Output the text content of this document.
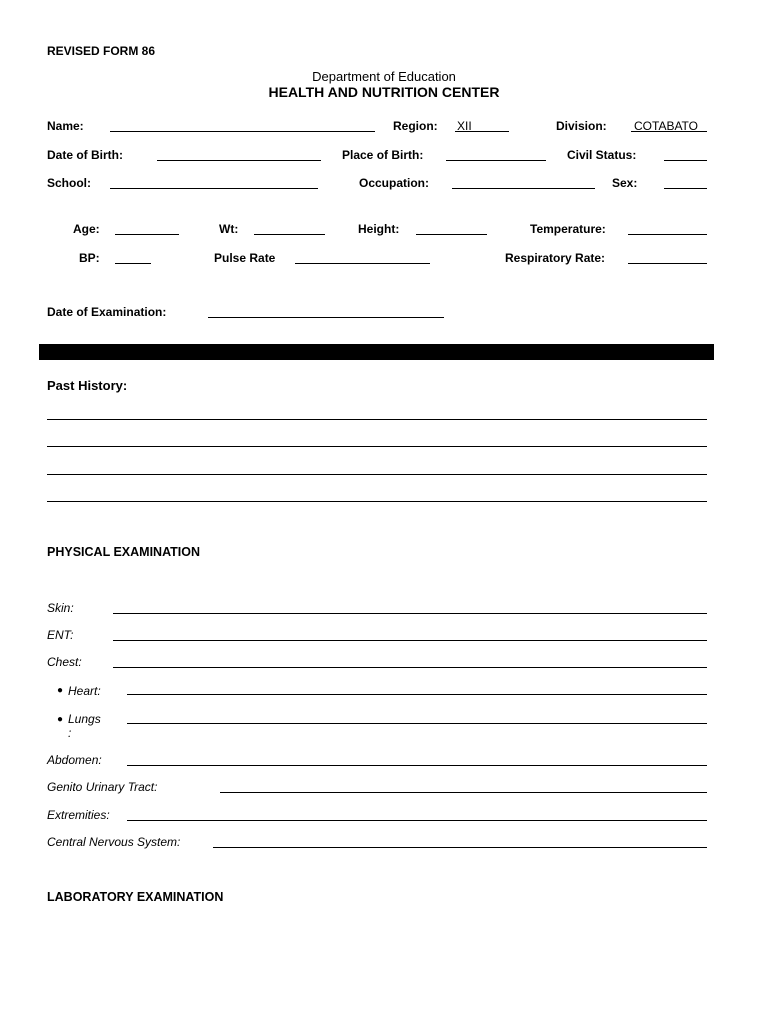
REVISED FORM 86
Department of Education
HEALTH AND NUTRITION CENTER
Name:	Region: XII	Division: COTABATO
Date of Birth:	Place of Birth:	Civil Status:
School:	Occupation:	Sex:
Age:	Wt:	Height:	Temperature:
BP:	Pulse Rate	Respiratory Rate:
Date of Examination:
Past History:
PHYSICAL EXAMINATION
Skin:
ENT:
Chest:
● Heart:
● Lungs
:
Abdomen:
Genito Urinary Tract:
Extremities:
Central Nervous System:
LABORATORY EXAMINATION
